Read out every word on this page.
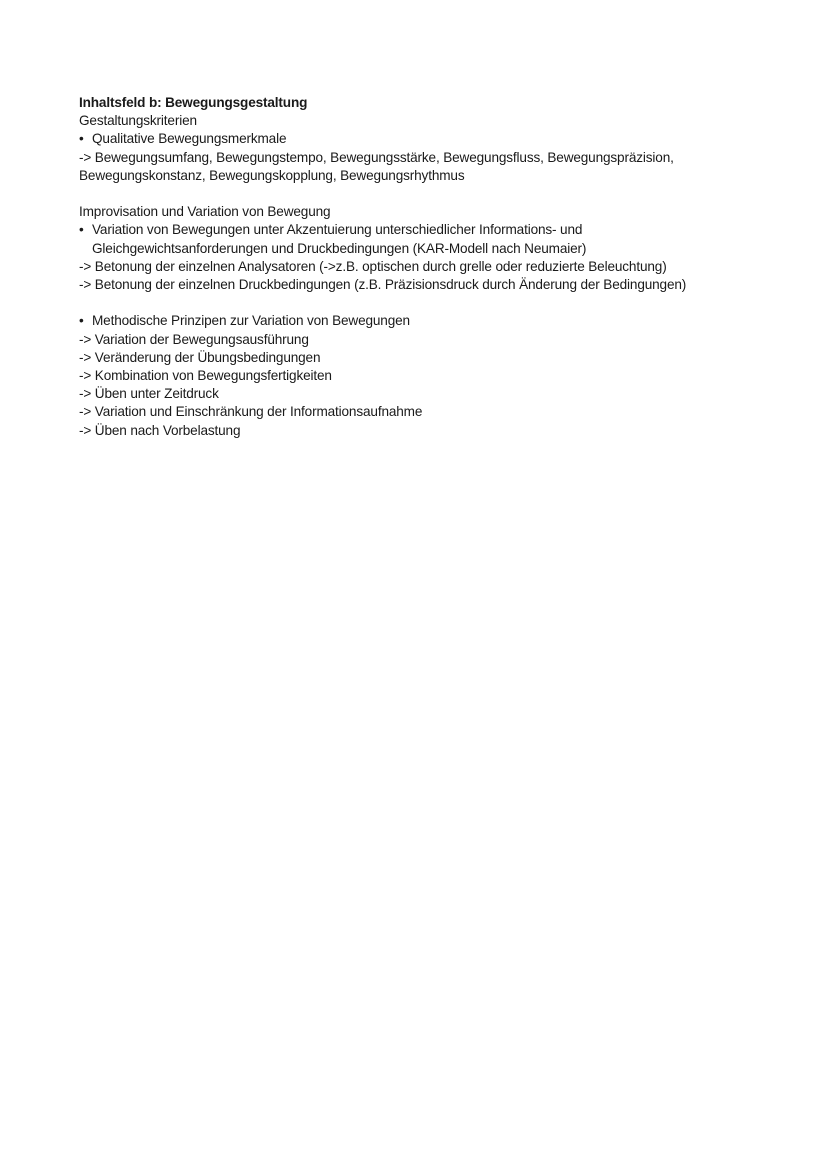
Inhaltsfeld b: Bewegungsgestaltung
Gestaltungskriterien
• Qualitative Bewegungsmerkmale
-> Bewegungsumfang, Bewegungstempo, Bewegungsstärke, Bewegungsfluss, Bewegungspräzision,
Bewegungskonstanz, Bewegungskopplung, Bewegungsrhythmus
Improvisation und Variation von Bewegung
• Variation von Bewegungen unter Akzentuierung unterschiedlicher Informations- und
Gleichgewichtsanforderungen und Druckbedingungen (KAR-Modell nach Neumaier)
-> Betonung der einzelnen Analysatoren (->z.B. optischen durch grelle oder reduzierte Beleuchtung)
-> Betonung der einzelnen Druckbedingungen (z.B. Präzisionsdruck durch Änderung der Bedingungen)
• Methodische Prinzipen zur Variation von Bewegungen
-> Variation der Bewegungsausführung
-> Veränderung der Übungsbedingungen
-> Kombination von Bewegungsfertigkeiten
-> Üben unter Zeitdruck
-> Variation und Einschränkung der Informationsaufnahme
-> Üben nach Vorbelastung
